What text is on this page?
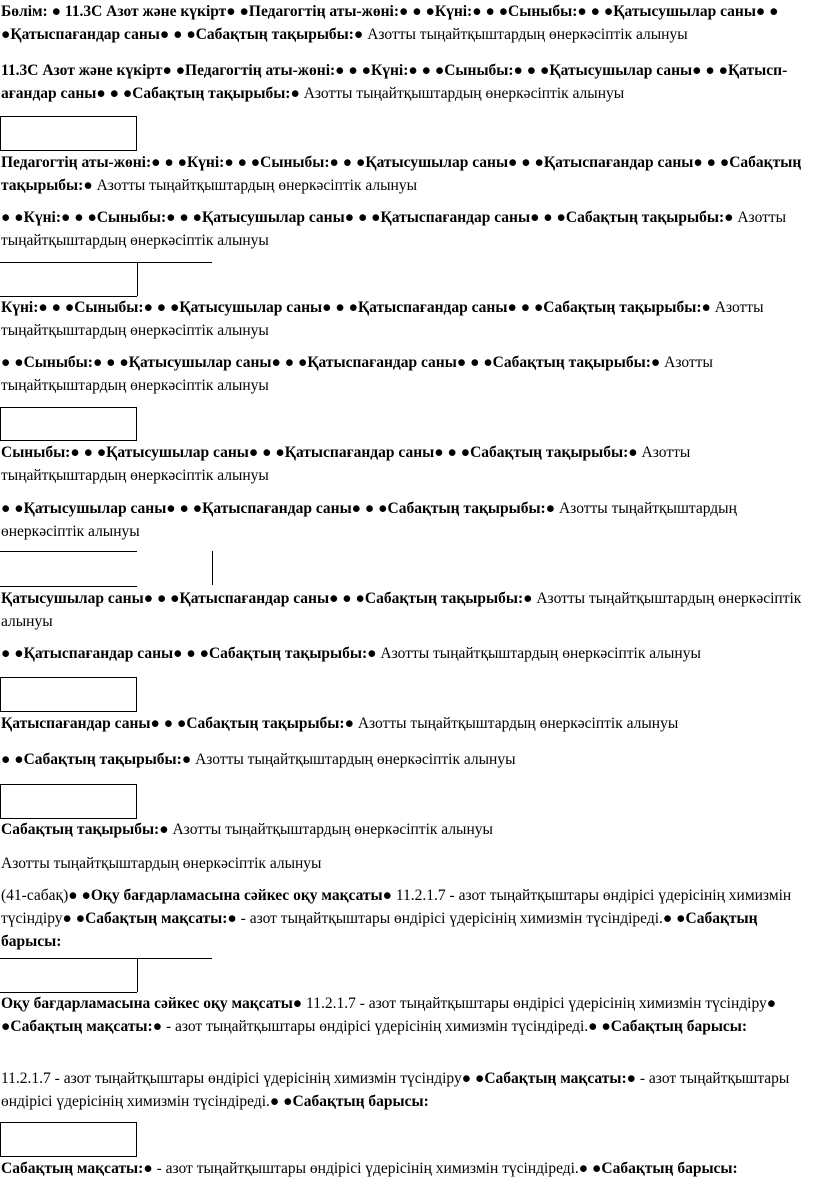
Бөлім: ● 11.3С Азот және күкірт● ●Педагогтің аты-жөні:● ● ●Күні:● ● ●Сыныбы:● ● ●Қатысушылар саны● ● ●Қатыспағандар саны● ● ●Сабақтың тақырыбы:● Азотты тыңайтқыштардың өнеркәсіптік алынуы

11.3С Азот және күкірт● ●Педагогтің аты-жөні:● ● ●Күні:● ● ●Сыныбы:● ● ●Қатысушылар саны● ● ●Қатыспағандар саны● ● ●Сабақтың тақырыбы:● Азотты тыңайтқыштардың өнеркәсіптік алынуы

Педагогтің аты-жөні:● ● ●Күні:● ● ●Сыныбы:● ● ●Қатысушылар саны● ● ●Қатыспағандар саны● ● ●Сабақтың тақырыбы:● Азотты тыңайтқыштардың өнеркәсіптік алынуы

● ●Күні:● ● ●Сыныбы:● ● ●Қатысушылар саны● ● ●Қатыспағандар саны● ● ●Сабақтың тақырыбы:● Азотты тыңайтқыштардың өнеркәсіптік алынуы

Күні:● ● ●Сыныбы:● ● ●Қатысушылар саны● ● ●Қатыспағандар саны● ● ●Сабақтың тақырыбы:● Азотты тыңайтқыштардың өнеркәсіптік алынуы

● ●Сыныбы:● ● ●Қатысушылар саны● ● ●Қатыспағандар саны● ● ●Сабақтың тақырыбы:● Азотты тыңайтқыштардың өнеркәсіптік алынуы

Сыныбы:● ● ●Қатысушылар саны● ● ●Қатыспағандар саны● ● ●Сабақтың тақырыбы:● Азотты тыңайтқыштардың өнеркәсіптік алынуы

● ●Қатысушылар саны● ● ●Қатыспағандар саны● ● ●Сабақтың тақырыбы:● Азотты тыңайтқыштардың өнеркәсіптік алынуы

Қатысушылар саны● ● ●Қатыспағандар саны● ● ●Сабақтың тақырыбы:● Азотты тыңайтқыштардың өнеркәсіптік алынуы

● ●Қатыспағандар саны● ● ●Сабақтың тақырыбы:● Азотты тыңайтқыштардың өнеркәсіптік алынуы

Қатыспағандар саны● ● ●Сабақтың тақырыбы:● Азотты тыңайтқыштардың өнеркәсіптік алынуы

● ●Сабақтың тақырыбы:● Азотты тыңайтқыштардың өнеркәсіптік алынуы

Сабақтың тақырыбы:● Азотты тыңайтқыштардың өнеркәсіптік алынуы

Азотты тыңайтқыштардың өнеркәсіптік алынуы

(41-сабақ)● ●Оқу бағдарламасына сәйкес оқу мақсаты● 11.2.1.7 - азот тыңайтқыштары өндірісі үдерісінің химизмін түсіндіру● ●Сабақтың мақсаты:● - азот тыңайтқыштары өндірісі үдерісінің химизмін түсіндіреді.● ●Сабақтың барысы:

Оқу бағдарламасына сәйкес оқу мақсаты● 11.2.1.7 - азот тыңайтқыштары өндірісі үдерісінің химизмін түсіндіру● ●Сабақтың мақсаты:● - азот тыңайтқыштары өндірісі үдерісінің химизмін түсіндіреді.● ●Сабақтың барысы:

11.2.1.7 - азот тыңайтқыштары өндірісі үдерісінің химизмін түсіндіру● ●Сабақтың мақсаты:● - азот тыңайтқыштары өндірісі үдерісінің химизмін түсіндіреді.● ●Сабақтың барысы:

Сабақтың мақсаты:● - азот тыңайтқыштары өндірісі үдерісінің химизмін түсіндіреді.● ●Сабақтың барысы:
